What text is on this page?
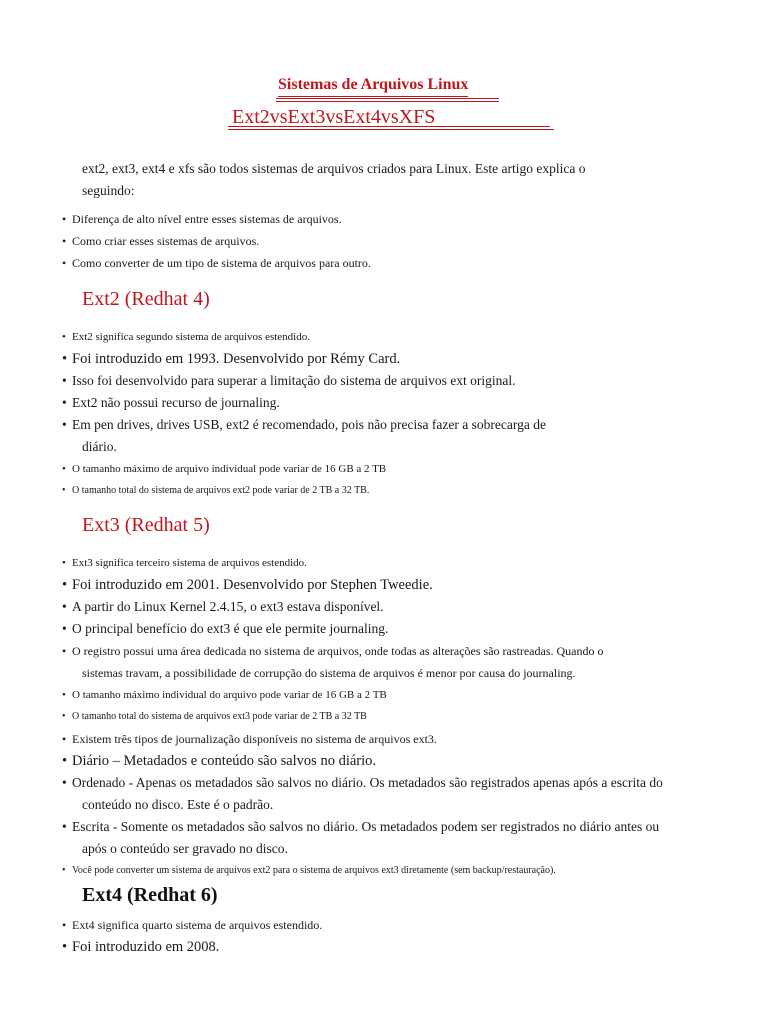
Sistemas de Arquivos Linux
Ext2vsExt3vsExt4vsXFS
ext2, ext3, ext4 e xfs são todos sistemas de arquivos criados para Linux. Este artigo explica o
seguindo:
• Diferença de alto nível entre esses sistemas de arquivos.
• Como criar esses sistemas de arquivos.
• Como converter de um tipo de sistema de arquivos para outro.
Ext2 (Redhat 4)
• Ext2 significa segundo sistema de arquivos estendido.
• Foi introduzido em 1993. Desenvolvido por Rémy Card.
• Isso foi desenvolvido para superar a limitação do sistema de arquivos ext original.
• Ext2 não possui recurso de journaling.
• Em pen drives, drives USB, ext2 é recomendado, pois não precisa fazer a sobrecarga de
diário.
• O tamanho máximo de arquivo individual pode variar de 16 GB a 2 TB
• O tamanho total do sistema de arquivos ext2 pode variar de 2 TB a 32 TB.
Ext3 (Redhat 5)
• Ext3 significa terceiro sistema de arquivos estendido.
• Foi introduzido em 2001. Desenvolvido por Stephen Tweedie.
• A partir do Linux Kernel 2.4.15, o ext3 estava disponível.
• O principal benefício do ext3 é que ele permite journaling.
• O registro possui uma área dedicada no sistema de arquivos, onde todas as alterações são rastreadas. Quando o
sistemas travam, a possibilidade de corrupção do sistema de arquivos é menor por causa do journaling.
• O tamanho máximo individual do arquivo pode variar de 16 GB a 2 TB
• O tamanho total do sistema de arquivos ext3 pode variar de 2 TB a 32 TB
• Existem três tipos de journalização disponíveis no sistema de arquivos ext3.
• Diário – Metadados e conteúdo são salvos no diário.
• Ordenado - Apenas os metadados são salvos no diário. Os metadados são registrados apenas após a escrita do
conteúdo no disco. Este é o padrão.
• Escrita - Somente os metadados são salvos no diário. Os metadados podem ser registrados no diário antes ou
após o conteúdo ser gravado no disco.
• Você pode converter um sistema de arquivos ext2 para o sistema de arquivos ext3 diretamente (sem backup/restauração).
Ext4 (Redhat 6)
• Ext4 significa quarto sistema de arquivos estendido.
• Foi introduzido em 2008.
